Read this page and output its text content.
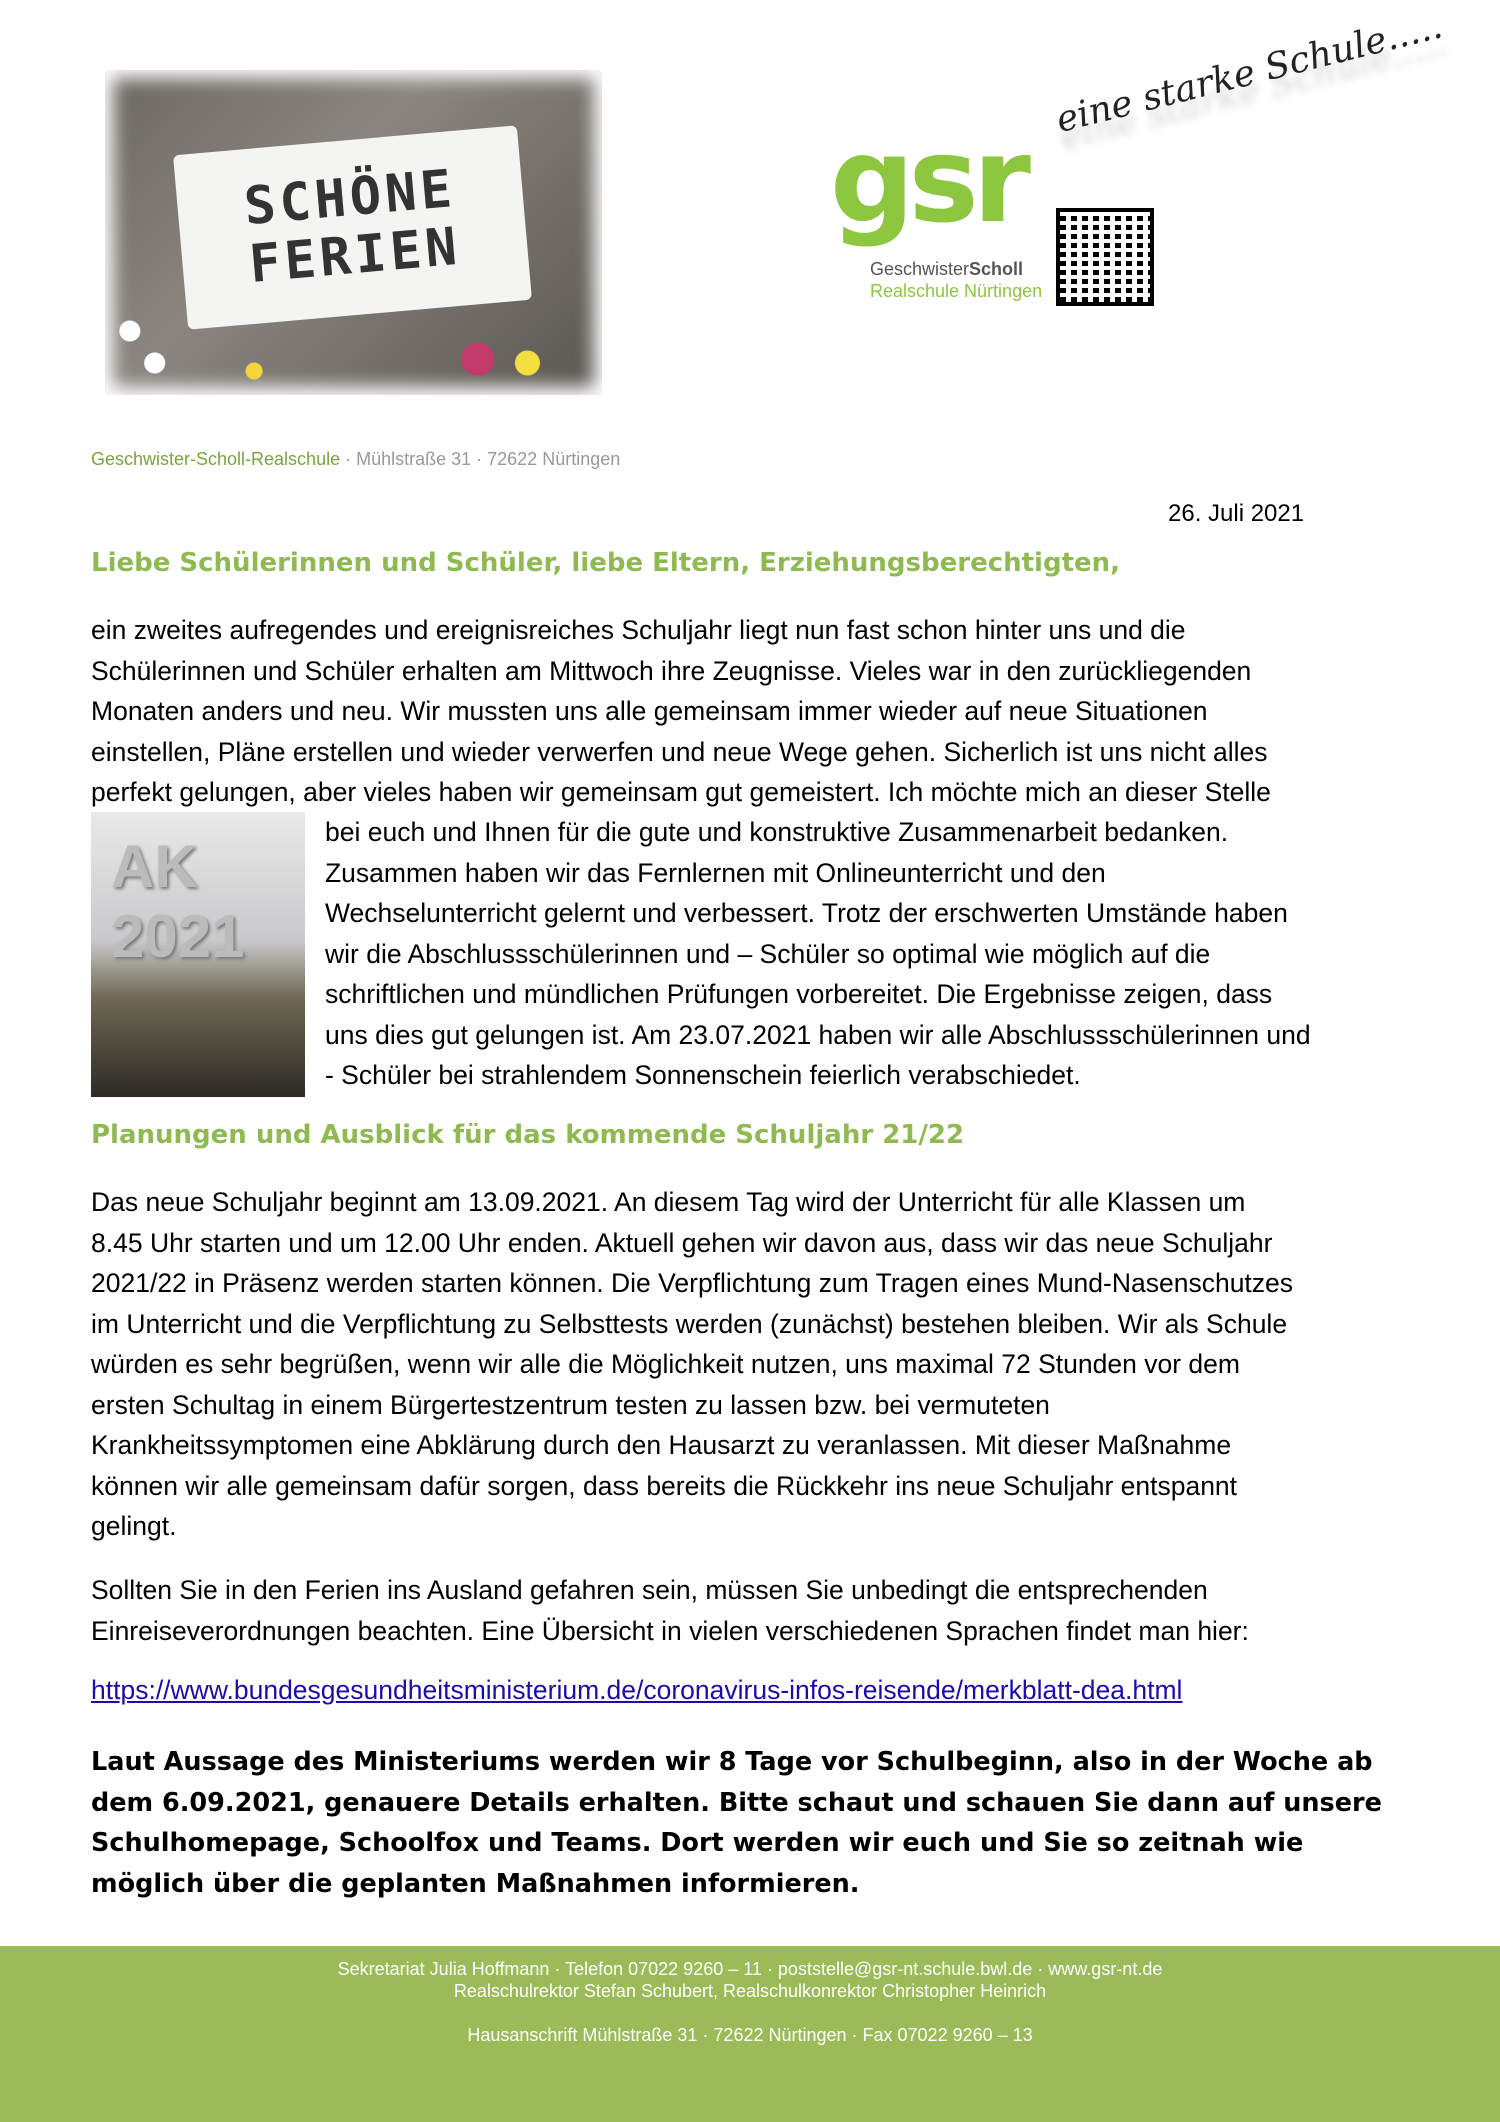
SCHÖNE FERIEN
gsr
eine starke Schule.....
GeschwisterScholl
Realschule Nürtingen
Geschwister-Scholl-Realschule · Mühlstraße 31 · 72622 Nürtingen
26. Juli 2021
Liebe Schülerinnen und Schüler, liebe Eltern, Erziehungsberechtigten,
ein zweites aufregendes und ereignisreiches Schuljahr liegt nun fast schon hinter uns und die
Schülerinnen und Schüler erhalten am Mittwoch ihre Zeugnisse. Vieles war in den zurückliegenden
Monaten anders und neu. Wir mussten uns alle gemeinsam immer wieder auf neue Situationen
einstellen, Pläne erstellen und wieder verwerfen und neue Wege gehen. Sicherlich ist uns nicht alles
perfekt gelungen, aber vieles haben wir gemeinsam gut gemeistert. Ich möchte mich an dieser Stelle
AK 2021
bei euch und Ihnen für die gute und konstruktive Zusammenarbeit bedanken.
Zusammen haben wir das Fernlernen mit Onlineunterricht und den
Wechselunterricht gelernt und verbessert. Trotz der erschwerten Umstände haben
wir die Abschlussschülerinnen und – Schüler so optimal wie möglich auf die
schriftlichen und mündlichen Prüfungen vorbereitet. Die Ergebnisse zeigen, dass
uns dies gut gelungen ist. Am 23.07.2021 haben wir alle Abschlussschülerinnen und
- Schüler bei strahlendem Sonnenschein feierlich verabschiedet.
Planungen und Ausblick für das kommende Schuljahr 21/22
Das neue Schuljahr beginnt am 13.09.2021. An diesem Tag wird der Unterricht für alle Klassen um
8.45 Uhr starten und um 12.00 Uhr enden. Aktuell gehen wir davon aus, dass wir das neue Schuljahr
2021/22 in Präsenz werden starten können. Die Verpflichtung zum Tragen eines Mund-Nasenschutzes
im Unterricht und die Verpflichtung zu Selbsttests werden (zunächst) bestehen bleiben. Wir als Schule
würden es sehr begrüßen, wenn wir alle die Möglichkeit nutzen, uns maximal 72 Stunden vor dem
ersten Schultag in einem Bürgertestzentrum testen zu lassen bzw. bei vermuteten
Krankheitssymptomen eine Abklärung durch den Hausarzt zu veranlassen. Mit dieser Maßnahme
können wir alle gemeinsam dafür sorgen, dass bereits die Rückkehr ins neue Schuljahr entspannt
gelingt.
Sollten Sie in den Ferien ins Ausland gefahren sein, müssen Sie unbedingt die entsprechenden
Einreiseverordnungen beachten. Eine Übersicht in vielen verschiedenen Sprachen findet man hier:
https://www.bundesgesundheitsministerium.de/coronavirus-infos-reisende/merkblatt-dea.html
Laut Aussage des Ministeriums werden wir 8 Tage vor Schulbeginn, also in der Woche ab
dem 6.09.2021, genauere Details erhalten. Bitte schaut und schauen Sie dann auf unsere
Schulhomepage, Schoolfox und Teams. Dort werden wir euch und Sie so zeitnah wie
möglich über die geplanten Maßnahmen informieren.
Sekretariat Julia Hoffmann · Telefon 07022 9260 – 11 · poststelle@gsr-nt.schule.bwl.de · www.gsr-nt.de
Realschulrektor Stefan Schubert, Realschulkonrektor Christopher Heinrich
Hausanschrift Mühlstraße 31 · 72622 Nürtingen · Fax 07022 9260 – 13
